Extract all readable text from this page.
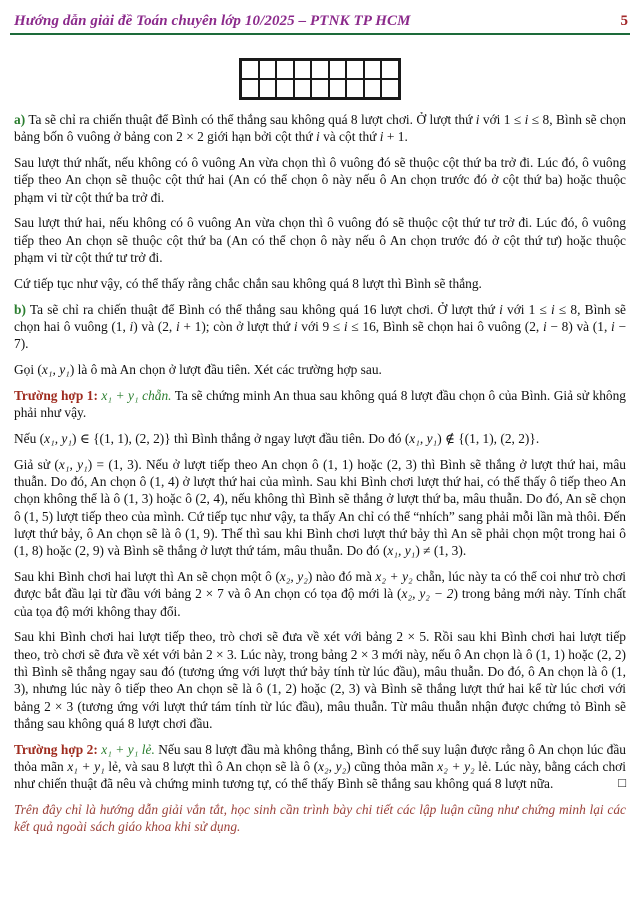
Hướng dẫn giải đề Toán chuyên lớp 10/2025 – PTNK TP HCM	5

a) Ta sẽ chỉ ra chiến thuật để Bình có thể thắng sau không quá 8 lượt chơi. Ở lượt thứ i với 1 ≤ i ≤ 8, Bình sẽ chọn bảng bốn ô vuông ở bảng con 2 × 2 giới hạn bởi cột thứ i và cột thứ i + 1.

Sau lượt thứ nhất, nếu không có ô vuông An vừa chọn thì ô vuông đó sẽ thuộc cột thứ ba trở đi. Lúc đó, ô vuông tiếp theo An chọn sẽ thuộc cột thứ hai (An có thể chọn ô này nếu ô An chọn trước đó ở cột thứ ba) hoặc thuộc phạm vi từ cột thứ ba trở đi.

Sau lượt thứ hai, nếu không có ô vuông An vừa chọn thì ô vuông đó sẽ thuộc cột thứ tư trở đi. Lúc đó, ô vuông tiếp theo An chọn sẽ thuộc cột thứ ba (An có thể chọn ô này nếu ô An chọn trước đó ở cột thứ tư) hoặc thuộc phạm vi từ cột thứ tư trở đi.

Cứ tiếp tục như vậy, có thể thấy rằng chắc chắn sau không quá 8 lượt thì Bình sẽ thắng.

b) Ta sẽ chỉ ra chiến thuật để Bình có thể thắng sau không quá 16 lượt chơi. Ở lượt thứ i với 1 ≤ i ≤ 8, Bình sẽ chọn hai ô vuông (1, i) và (2, i + 1); còn ở lượt thứ i với 9 ≤ i ≤ 16, Bình sẽ chọn hai ô vuông (2, i − 8) và (1, i − 7).

Gọi (x₁, y₁) là ô mà An chọn ở lượt đầu tiên. Xét các trường hợp sau.

Trường hợp 1: x₁ + y₁ chẵn. Ta sẽ chứng minh An thua sau không quá 8 lượt đầu chọn ô của Bình. Giả sử không phải như vậy.

Nếu (x₁, y₁) ∈ {(1, 1), (2, 2)} thì Bình thắng ở ngay lượt đầu tiên. Do đó (x₁, y₁) ∉ {(1, 1), (2, 2)}.

Giả sử (x₁, y₁) = (1, 3). Nếu ở lượt tiếp theo An chọn ô (1, 1) hoặc (2, 3) thì Bình sẽ thắng ở lượt thứ hai, mâu thuẫn. Do đó, An chọn ô (1, 4) ở lượt thứ hai của mình. Sau khi Bình chơi lượt thứ hai, có thể thấy ô tiếp theo An chọn không thể là ô (1, 3) hoặc ô (2, 4), nếu không thì Bình sẽ thắng ở lượt thứ ba, mâu thuẫn. Do đó, An sẽ chọn ô (1, 5) lượt tiếp theo của mình. Cứ tiếp tục như vậy, ta thấy An chỉ có thể “nhích” sang phải mỗi lần mà thôi. Đến lượt thứ bảy, ô An chọn sẽ là ô (1, 9). Thế thì sau khi Bình chơi lượt thứ bảy thì An sẽ phải chọn một trong hai ô (1, 8) hoặc (2, 9) và Bình sẽ thắng ở lượt thứ tám, mâu thuẫn. Do đó (x₁, y₁) ≠ (1, 3).

Sau khi Bình chơi hai lượt thì An sẽ chọn một ô (x₂, y₂) nào đó mà x₂ + y₂ chẵn, lúc này ta có thể coi như trò chơi được bắt đầu lại từ đầu với bảng 2 × 7 và ô An chọn có tọa độ mới là (x₂, y₂ − 2) trong bảng mới này. Tính chất của tọa độ mới không thay đổi.

Sau khi Bình chơi hai lượt tiếp theo, trò chơi sẽ đưa về xét với bảng 2 × 5. Rồi sau khi Bình chơi hai lượt tiếp theo, trò chơi sẽ đưa về xét với bản 2 × 3. Lúc này, trong bảng 2 × 3 mới này, nếu ô An chọn là ô (1, 1) hoặc (2, 2) thì Bình sẽ thắng ngay sau đó (tương ứng với lượt thứ bảy tính từ lúc đầu), mâu thuẫn. Do đó, ô An chọn là ô (1, 3), nhưng lúc này ô tiếp theo An chọn sẽ là ô (1, 2) hoặc (2, 3) và Bình sẽ thắng lượt thứ hai kể từ lúc chơi với bảng 2 × 3 (tương ứng với lượt thứ tám tính từ lúc đầu), mâu thuẫn. Từ mâu thuẫn nhận được chứng tỏ Bình sẽ thắng sau không quá 8 lượt chơi đầu.

Trường hợp 2: x₁ + y₁ lẻ. Nếu sau 8 lượt đầu mà không thắng, Bình có thể suy luận được rằng ô An chọn lúc đầu thỏa mãn x₁ + y₁ lẻ, và sau 8 lượt thì ô An chọn sẽ là ô (x₂, y₂) cũng thỏa mãn x₂ + y₂ lẻ. Lúc này, bằng cách chơi như chiến thuật đã nêu và chứng minh tương tự, có thể thấy Bình sẽ thắng sau không quá 8 lượt nữa.	□

Trên đây chỉ là hướng dẫn giải vắn tắt, học sinh cần trình bày chi tiết các lập luận cũng như chứng minh lại các kết quả ngoài sách giáo khoa khi sử dụng.
